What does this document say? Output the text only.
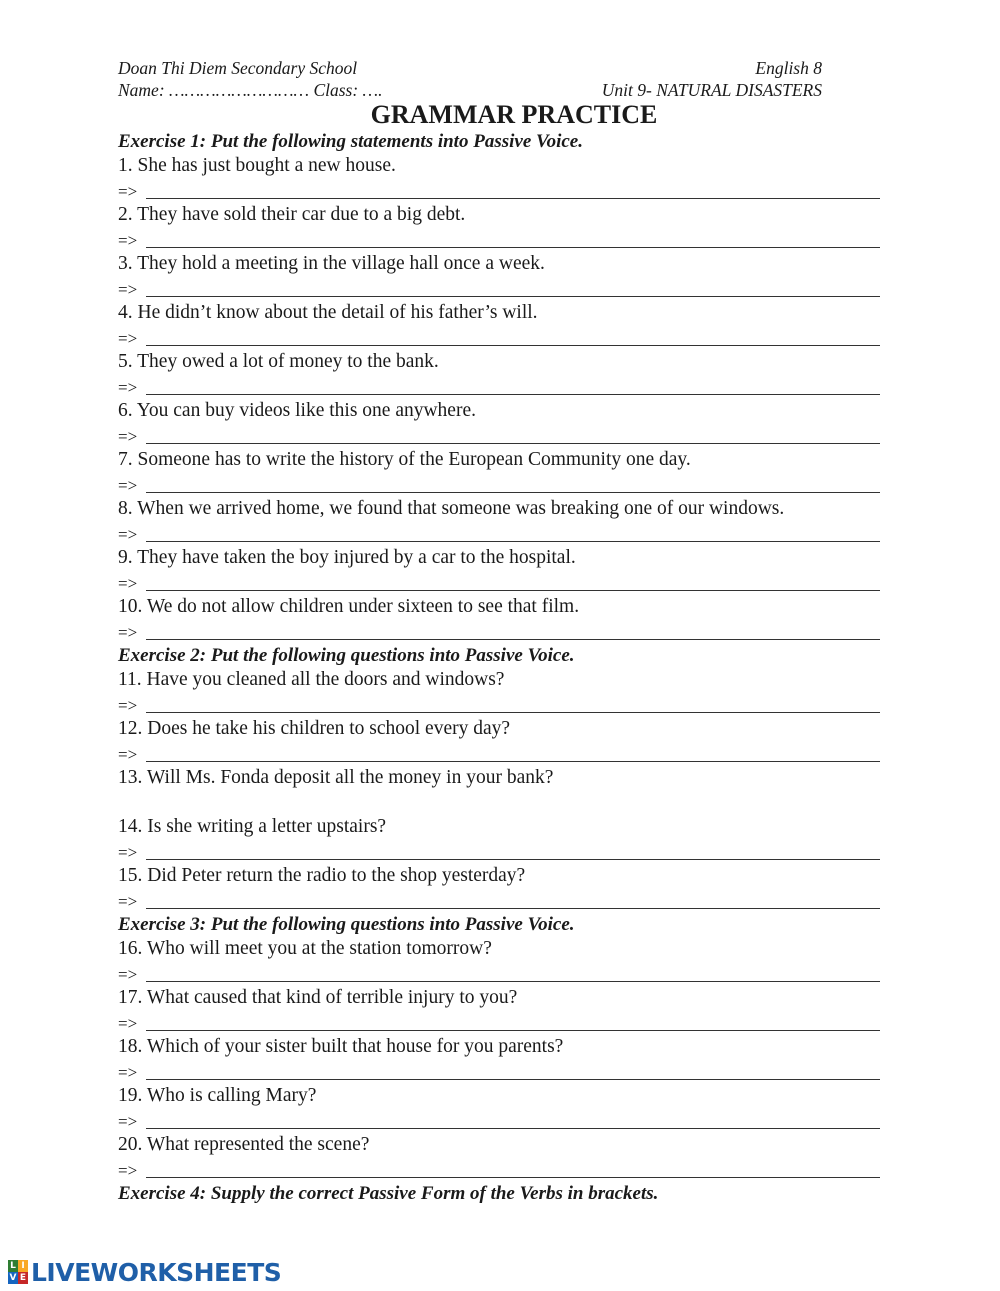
Doan Thi Diem Secondary School	English 8
Name: ……………………… Class: ….	Unit 9- NATURAL DISASTERS
GRAMMAR PRACTICE
Exercise 1: Put the following statements into Passive Voice.
1. She has just bought a new house.
=>
2. They have sold their car due to a big debt.
=>
3. They hold a meeting in the village hall once a week.
=>
4. He didn’t know about the detail of his father’s will.
=>
5. They owed a lot of money to the bank.
=>
6. You can buy videos like this one anywhere.
=>
7. Someone has to write the history of the European Community one day.
=>
8. When we arrived home, we found that someone was breaking one of our windows.
=>
9. They have taken the boy injured by a car to the hospital.
=>
10. We do not allow children under sixteen to see that film.
=>
Exercise 2: Put the following questions into Passive Voice.
11. Have you cleaned all the doors and windows?
=>
12. Does he take his children to school every day?
=>
13. Will Ms. Fonda deposit all the money in your bank?
14. Is she writing a letter upstairs?
=>
15. Did Peter return the radio to the shop yesterday?
=>
Exercise 3: Put the following questions into Passive Voice.
16. Who will meet you at the station tomorrow?
=>
17. What caused that kind of terrible injury to you?
=>
18. Which of your sister built that house for you parents?
=>
19. Who is calling Mary?
=>
20. What represented the scene?
=>
Exercise 4: Supply the correct Passive Form of the Verbs in brackets.
L I
V E LIVEWORKSHEETS
